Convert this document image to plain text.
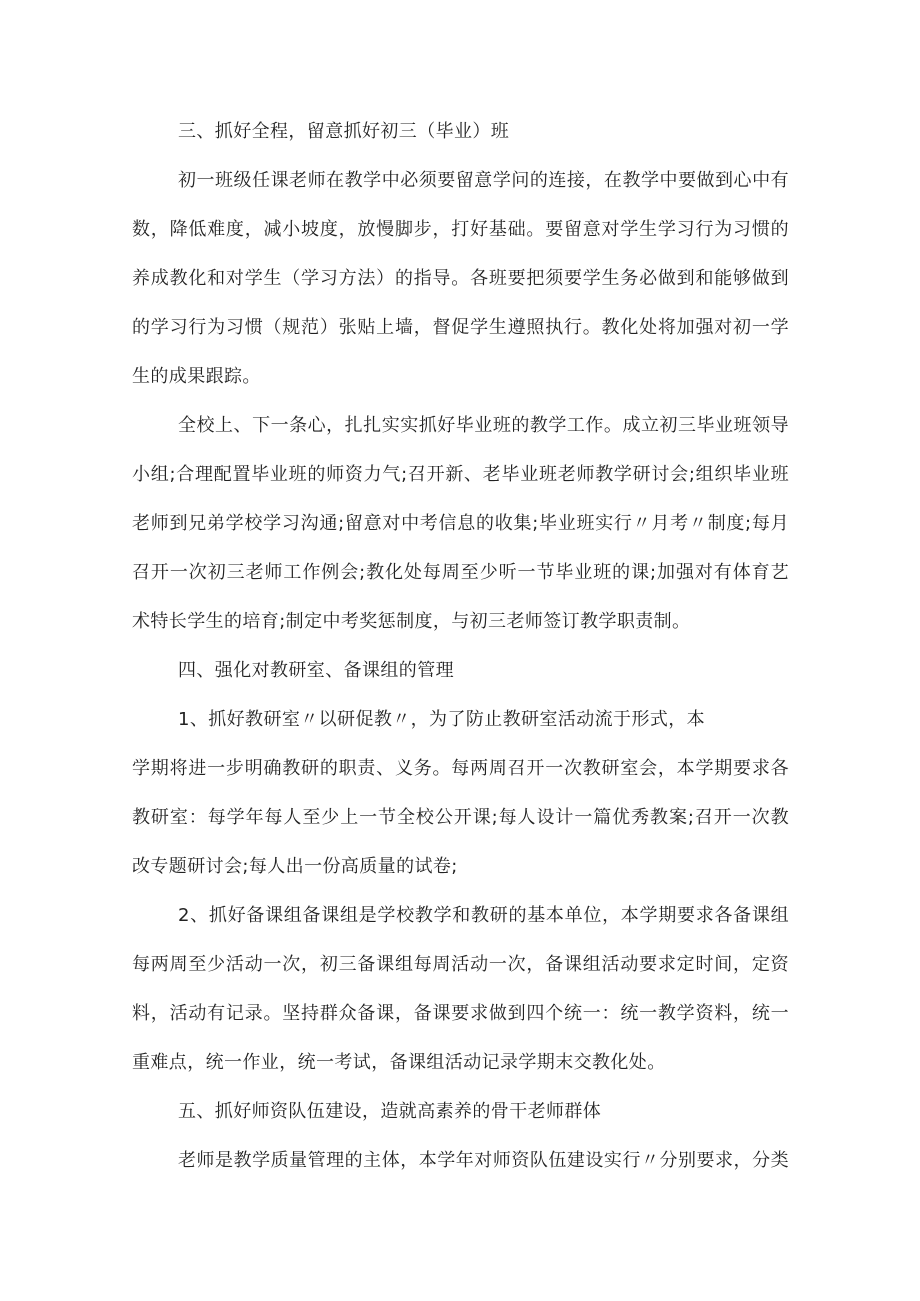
三、抓好全程，留意抓好初三（毕业）班
初一班级任课老师在教学中必须要留意学问的连接，在教学中要做到心中有
数，降低难度，减小坡度，放慢脚步，打好基础。要留意对学生学习行为习惯的
养成教化和对学生（学习方法）的指导。各班要把须要学生务必做到和能够做到
的学习行为习惯（规范）张贴上墙，督促学生遵照执行。教化处将加强对初一学
生的成果跟踪。
全校上、下一条心，扎扎实实抓好毕业班的教学工作。成立初三毕业班领导
小组;合理配置毕业班的师资力气;召开新、老毕业班老师教学研讨会;组织毕业班
老师到兄弟学校学习沟通;留意对中考信息的收集;毕业班实行〃月考〃制度;每月
召开一次初三老师工作例会;教化处每周至少听一节毕业班的课;加强对有体育艺
术特长学生的培育;制定中考奖惩制度，与初三老师签订教学职责制。
四、强化对教研室、备课组的管理
1、抓好教研室〃以研促教〃，为了防止教研室活动流于形式，本
学期将进一步明确教研的职责、义务。每两周召开一次教研室会，本学期要求各
教研室：每学年每人至少上一节全校公开课;每人设计一篇优秀教案;召开一次教
改专题研讨会;每人出一份高质量的试卷;
2、抓好备课组备课组是学校教学和教研的基本单位，本学期要求各备课组
每两周至少活动一次，初三备课组每周活动一次，备课组活动要求定时间，定资
料，活动有记录。坚持群众备课，备课要求做到四个统一：统一教学资料，统一
重难点，统一作业，统一考试，备课组活动记录学期末交教化处。
五、抓好师资队伍建设，造就高素养的骨干老师群体
老师是教学质量管理的主体，本学年对师资队伍建设实行〃分别要求，分类
